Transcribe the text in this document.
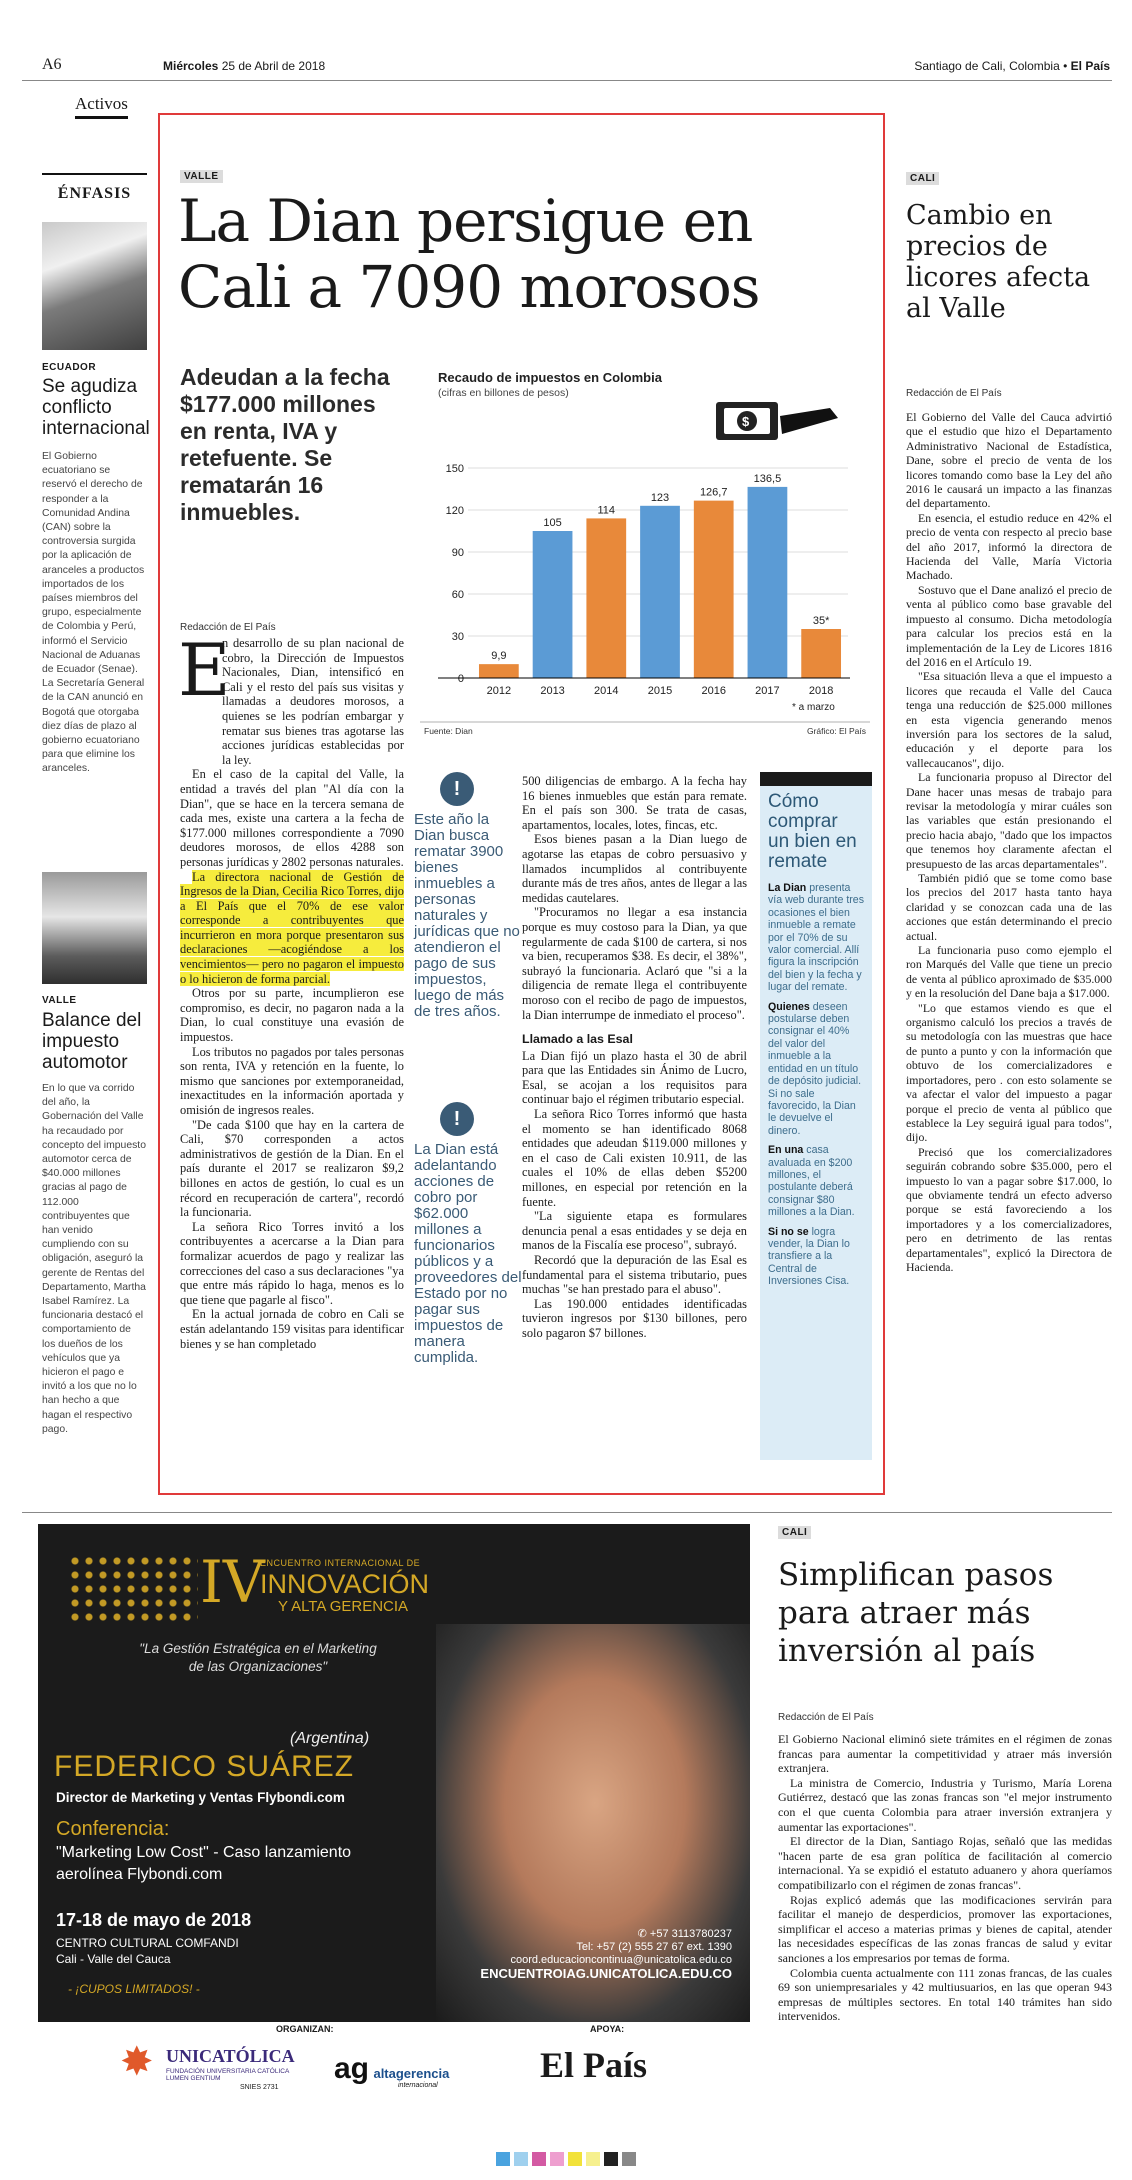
A6	Miércoles 25 de Abril de 2018	Santiago de Cali, Colombia • El País
Activos
ÉNFASIS
ECUADOR
Se agudiza conflicto internacional
El Gobierno ecuatoriano se reservó el derecho de responder a la Comunidad Andina (CAN) sobre la controversia surgida por la aplicación de aranceles a productos importados de los países miembros del grupo, especialmente de Colombia y Perú, informó el Servicio Nacional de Aduanas de Ecuador (Senae).
La Secretaría General de la CAN anunció en Bogotá que otorgaba diez días de plazo al gobierno ecuatoriano para que elimine los aranceles.
VALLE
Balance del impuesto automotor
En lo que va corrido del año, la Gobernación del Valle ha recaudado por concepto del impuesto automotor cerca de $40.000 millones gracias al pago de 112.000 contribuyentes que han venido cumpliendo con su obligación, aseguró la gerente de Rentas del Departamento, Martha Isabel Ramírez. La funcionaria destacó el comportamiento de los dueños de los vehículos que ya hicieron el pago e invitó a los que no lo han hecho a que hagan el respectivo pago.
VALLE
La Dian persigue en Cali a 7090 morosos
Adeudan a la fecha $177.000 millones en renta, IVA y retefuente. Se rematarán 16 inmuebles.
Redacción de El País
Recaudo de impuestos en Colombia
(cifras en billones de pesos)
$
0
30
60
90
120
150
9,9
2012
105
2013
114
2014
123
2015
126,7
2016
136,5
2017
35*
2018
* a marzo
Fuente: Dian	Gráfico: El País
E

n desarrollo de su plan nacional de cobro, la Dirección de Impuestos Nacionales, Dian, intensificó en Cali y el resto del país sus visitas y llamadas a deudores morosos, a quienes se les podrían embargar y rematar sus bienes tras agotarse las acciones jurídicas establecidas por la ley.

En el caso de la capital del Valle, la entidad a través del plan "Al día con la Dian", que se hace en la tercera semana de cada mes, existe una cartera a la fecha de $177.000 millones correspondiente a 7090 deudores morosos, de ellos 4288 son personas jurídicas y 2802 personas naturales.

La directora nacional de Gestión de Ingresos de la Dian, Cecilia Rico Torres, dijo a El País que el 70% de ese valor corresponde a contribuyentes que incurrieron en mora porque presentaron sus declaraciones —acogiéndose a los vencimientos— pero no pagaron el impuesto o lo hicieron de forma parcial.

Otros por su parte, incumplieron ese compromiso, es decir, no pagaron nada a la Dian, lo cual constituye una evasión de impuestos.

Los tributos no pagados por tales personas son renta, IVA y retención en la fuente, lo mismo que sanciones por extemporaneidad, inexactitudes en la información aportada y omisión de ingresos reales.

"De cada $100 que hay en la cartera de Cali, $70 corresponden a actos administrativos de gestión de la Dian. En el país durante el 2017 se realizaron $9,2 billones en actos de gestión, lo cual es un récord en recuperación de cartera", recordó la funcionaria.

La señora Rico Torres invitó a los contribuyentes a acercarse a la Dian para formalizar acuerdos de pago y realizar las correcciones del caso a sus declaraciones "ya que entre más rápido lo haga, menos es lo que tiene que pagarle al fisco".

En la actual jornada de cobro en Cali se están adelantando 159 visitas para identificar bienes y se han completado

!
Este año la Dian busca rematar 3900 bienes inmuebles a personas naturales y jurídicas que no atendieron el pago de sus impuestos, luego de más de tres años.
!
La Dian está adelantando acciones de cobro por $62.000 millones a funcionarios públicos y a proveedores del Estado por no pagar sus impuestos de manera cumplida.

500 diligencias de embargo. A la fecha hay 16 bienes inmuebles que están para remate. En el país son 300. Se trata de casas, apartamentos, locales, lotes, fincas, etc.

Esos bienes pasan a la Dian luego de agotarse las etapas de cobro persuasivo y llamados incumplidos al contribuyente durante más de tres años, antes de llegar a las medidas cautelares.

"Procuramos no llegar a esa instancia porque es muy costoso para la Dian, ya que regularmente de cada $100 de cartera, si nos va bien, recuperamos $38. Es decir, el 38%", subrayó la funcionaria. Aclaró que "si a la diligencia de remate llega el contribuyente moroso con el recibo de pago de impuestos, la Dian interrumpe de inmediato el proceso".

Llamado a las Esal

La Dian fijó un plazo hasta el 30 de abril para que las Entidades sin Ánimo de Lucro, Esal, se acojan a los requisitos para continuar bajo el régimen tributario especial.

La señora Rico Torres informó que hasta el momento se han identificado 8068 entidades que adeudan $119.000 millones y en el caso de Cali existen 10.911, de las cuales el 10% de ellas deben $5200 millones, en especial por retención en la fuente.

"La siguiente etapa es formulares denuncia penal a esas entidades y se deja en manos de la Fiscalía ese proceso", subrayó.

Recordó que la depuración de las Esal es fundamental para el sistema tributario, pues muchas "se han prestado para el abuso".

Las 190.000 entidades identificadas tuvieron ingresos por $130 billones, pero solo pagaron $7 billones.

Cómo comprar un bien en remate

La Dian presenta vía web durante tres ocasiones el bien inmueble a remate por el 70% de su valor comercial. Allí figura la inscripción del bien y la fecha y lugar del remate.

Quienes deseen postularse deben consignar el 40% del valor del inmueble a la entidad en un título de depósito judicial. Si no sale favorecido, la Dian le devuelve el dinero.

En una casa avaluada en $200 millones, el postulante deberá consignar $80 millones a la Dian.

Si no se logra vender, la Dian lo transfiere a la Central de Inversiones Cisa.

CALI
Cambio en precios de licores afecta al Valle
Redacción de El País

El Gobierno del Valle del Cauca advirtió que el estudio que hizo el Departamento Administrativo Nacional de Estadística, Dane, sobre el precio de venta de los licores tomando como base la Ley del año 2016 le causará un impacto a las finanzas del departamento.

En esencia, el estudio reduce en 42% el precio de venta con respecto al precio base del año 2017, informó la directora de Hacienda del Valle, María Victoria Machado.

Sostuvo que el Dane analizó el precio de venta al público como base gravable del impuesto al consumo. Dicha metodología para calcular los precios está en la implementación de la Ley de Licores 1816 del 2016 en el Artículo 19.

"Esa situación lleva a que el impuesto a licores que recauda el Valle del Cauca tenga una reducción de $25.000 millones en esta vigencia generando menos inversión para los sectores de la salud, educación y el deporte para los vallecaucanos", dijo.

La funcionaria propuso al Director del Dane hacer unas mesas de trabajo para revisar la metodología y mirar cuáles son las variables que están presionando el precio hacia abajo, "dado que los impactos que tenemos hoy claramente afectan el presupuesto de las arcas departamentales".

También pidió que se tome como base los precios del 2017 hasta tanto haya claridad y se conozcan cada una de las acciones que están determinando el precio actual.

La funcionaria puso como ejemplo el ron Marqués del Valle que tiene un precio de venta al público aproximado de $35.000 y en la resolución del Dane baja a $17.000.

"Lo que estamos viendo es que el organismo calculó los precios a través de su metodología con las muestras que hace de punto a punto y con la información que obtuvo de los comercializadores e importadores, pero . con esto solamente se va afectar el valor del impuesto a pagar porque el precio de venta al público que establece la Ley seguirá igual para todos", dijo.

Precisó que los comercializadores seguirán cobrando sobre $35.000, pero el impuesto lo van a pagar sobre $17.000, lo que obviamente tendrá un efecto adverso porque se está favoreciendo a los importadores y a los comercializadores, pero en detrimento de las rentas departamentales", explicó la Directora de Hacienda.

IV
ENCUENTRO INTERNACIONAL DE
INNOVACIÓN
Y ALTA GERENCIA
"La Gestión Estratégica en el Marketing de las Organizaciones"
(Argentina)
FEDERICO SUÁREZ
Director de Marketing y Ventas Flybondi.com
Conferencia:
"Marketing Low Cost" - Caso lanzamiento
aerolínea Flybondi.com
17-18 de mayo de 2018
CENTRO CULTURAL COMFANDI
Cali - Valle del Cauca
- ¡CUPOS LIMITADOS! -
✆ +57 3113780237
Tel: +57 (2) 555 27 67 ext. 1390
coord.educacioncontinua@unicatolica.edu.co
ENCUENTROIAG.UNICATOLICA.EDU.CO
ORGANIZAN:	APOYA:
✸ UNICATÓLICA
FUNDACIÓN UNIVERSITARIA CATÓLICA LUMEN GENTIUM
SNIES 2731
ag altagerencia
internacional
El País
CALI
Simplifican pasos para atraer más inversión al país
Redacción de El País

El Gobierno Nacional eliminó siete trámites en el régimen de zonas francas para aumentar la competitividad y atraer más inversión extranjera.

La ministra de Comercio, Industria y Turismo, María Lorena Gutiérrez, destacó que las zonas francas son "el mejor instrumento con el que cuenta Colombia para atraer inversión extranjera y aumentar las exportaciones".

El director de la Dian, Santiago Rojas, señaló que las medidas "hacen parte de esa gran política de facilitación al comercio internacional. Ya se expidió el estatuto aduanero y ahora queríamos compatibilizarlo con el régimen de zonas francas".

Rojas explicó además que las modificaciones servirán para facilitar el manejo de desperdicios, promover las exportaciones, simplificar el acceso a materias primas y bienes de capital, atender las necesidades específicas de las zonas francas de salud y evitar sanciones a los empresarios por temas de forma.

Colombia cuenta actualmente con 111 zonas francas, de las cuales 69 son uniempresariales y 42 multiusuarios, en las que operan 943 empresas de múltiples sectores. En total 140 trámites han sido intervenidos.
